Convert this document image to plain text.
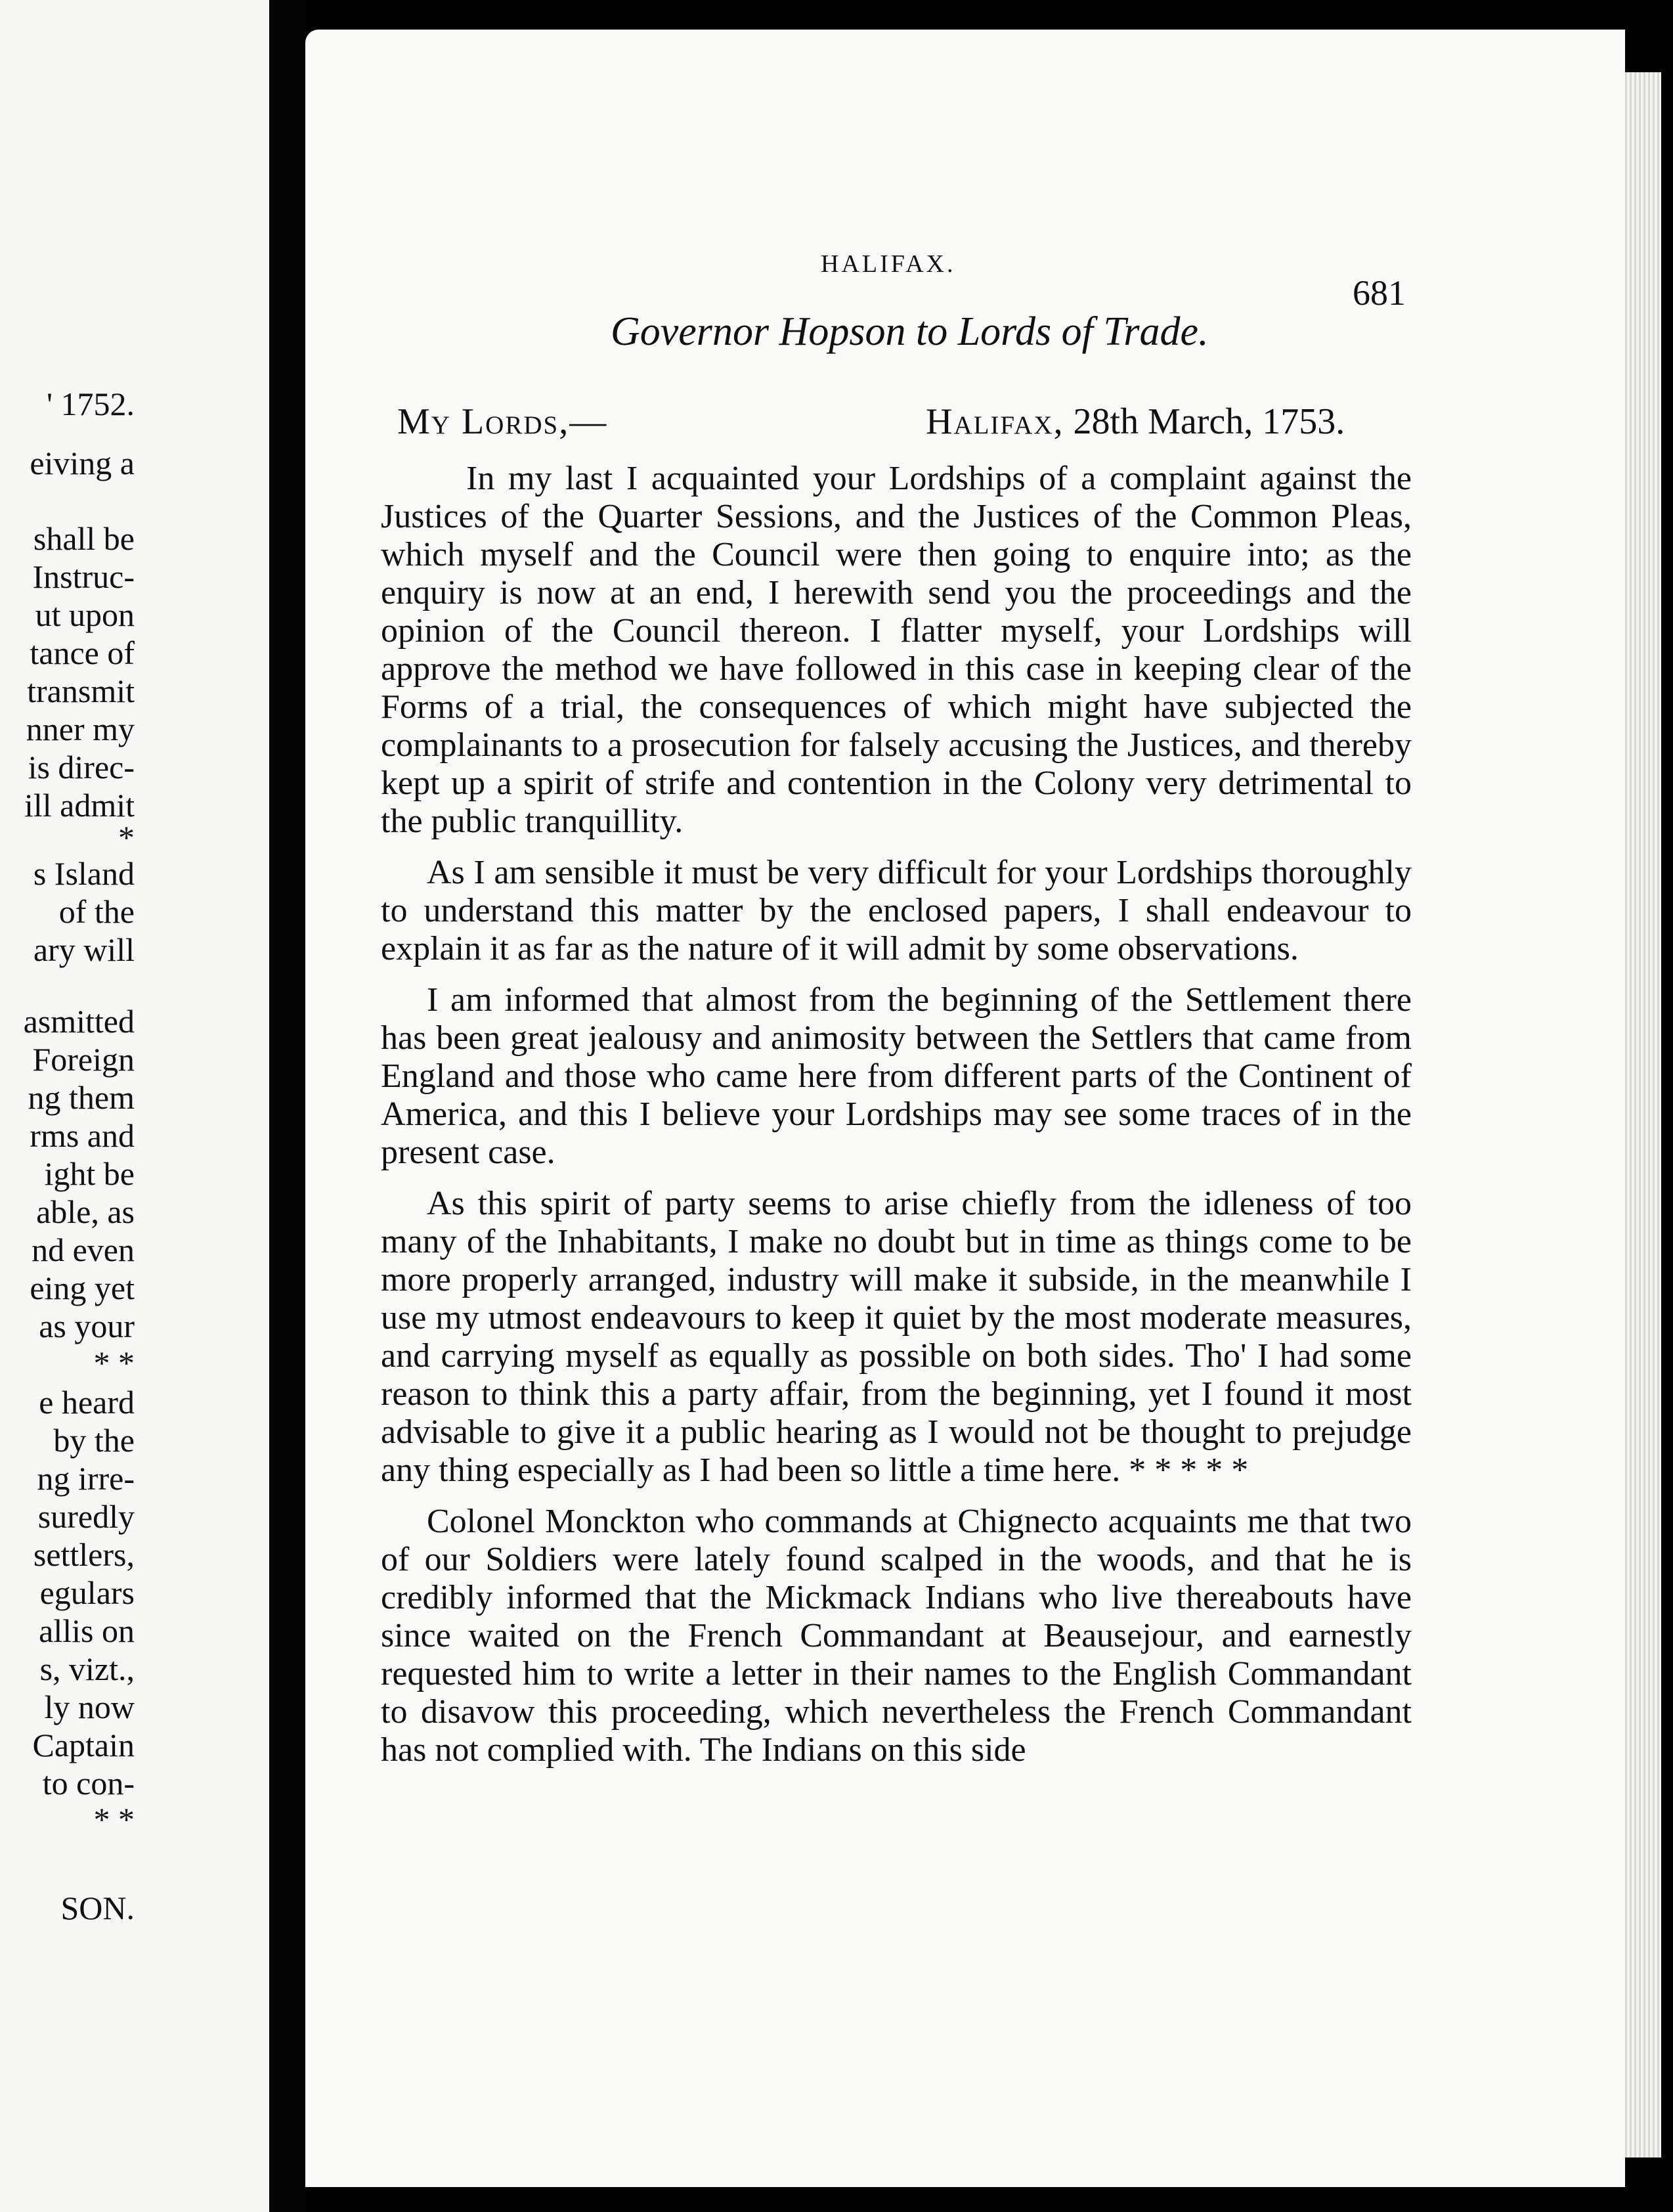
' 1752.
eiving a
shall be
Instruc-
ut upon
tance of
transmit
nner my
is direc-
ill admit
*
s Island
of the
ary will
asmitted
Foreign
ng them
rms and
ight be
able, as
nd even
eing yet
as your
* *
e heard
by the
ng irre-
suredly
settlers,
egulars
allis on
s, vizt.,
ly now
Captain
to con-
* *
SON.
HALIFAX.
681
Governor Hopson to Lords of Trade.
My Lords,—	Halifax, 28th March, 1753.

In my last I acquainted your Lordships of a complaint against the Justices of the Quarter Sessions, and the Justices of the Common Pleas, which myself and the Council were then going to enquire into; as the enquiry is now at an end, I herewith send you the proceedings and the opinion of the Council thereon. I flatter myself, your Lordships will approve the method we have followed in this case in keeping clear of the Forms of a trial, the consequences of which might have subjected the complainants to a prosecution for falsely accusing the Justices, and thereby kept up a spirit of strife and contention in the Colony very detrimental to the public tranquillity.

As I am sensible it must be very difficult for your Lordships thoroughly to understand this matter by the enclosed papers, I shall endeavour to explain it as far as the nature of it will admit by some observations.

I am informed that almost from the beginning of the Settlement there has been great jealousy and animosity between the Settlers that came from England and those who came here from different parts of the Continent of America, and this I believe your Lordships may see some traces of in the present case.

As this spirit of party seems to arise chiefly from the idleness of too many of the Inhabitants, I make no doubt but in time as things come to be more properly arranged, industry will make it subside, in the meanwhile I use my utmost endeavours to keep it quiet by the most moderate measures, and carrying myself as equally as possible on both sides. Tho' I had some reason to think this a party affair, from the beginning, yet I found it most advisable to give it a public hearing as I would not be thought to prejudge any thing especially as I had been so little a time here. * * * * *

Colonel Monckton who commands at Chignecto acquaints me that two of our Soldiers were lately found scalped in the woods, and that he is credibly informed that the Mickmack Indians who live thereabouts have since waited on the French Commandant at Beausejour, and earnestly requested him to write a letter in their names to the English Commandant to disavow this proceeding, which nevertheless the French Commandant has not complied with. The Indians on this side
